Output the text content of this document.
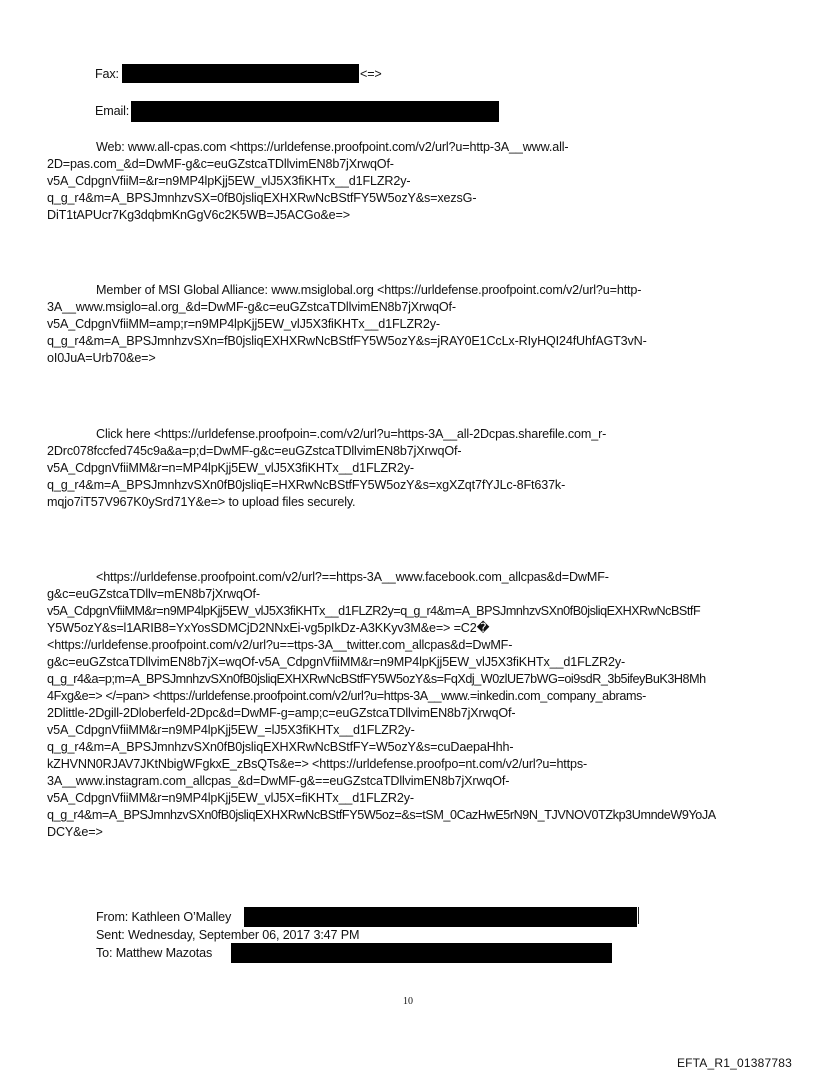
Fax:	<=>
Email:
Web: www.all-cpas.com <https://urldefense.proofpoint.com/v2/url?u=http-3A__www.all-
2D=pas.com_&d=DwMF-g&c=euGZstcaTDllvimEN8b7jXrwqOf-
v5A_CdpgnVfiiM=&r=n9MP4lpKjj5EW_vlJ5X3fiKHTx__d1FLZR2y-
q_g_r4&m=A_BPSJmnhzvSX=0fB0jsliqEXHXRwNcBStfFY5W5ozY&s=xezsG-
DiT1tAPUcr7Kg3dqbmKnGgV6c2K5WB=J5ACGo&e=>
Member of MSI Global Alliance: www.msiglobal.org <https://urldefense.proofpoint.com/v2/url?u=http-
3A__www.msiglo=al.org_&d=DwMF-g&c=euGZstcaTDllvimEN8b7jXrwqOf-
v5A_CdpgnVfiiMM=amp;r=n9MP4lpKjj5EW_vlJ5X3fiKHTx__d1FLZR2y-
q_g_r4&m=A_BPSJmnhzvSXn=fB0jsliqEXHXRwNcBStfFY5W5ozY&s=jRAY0E1CcLx-RIyHQI24fUhfAGT3vN-
oI0JuA=Urb70&e=>
Click here <https://urldefense.proofpoin=.com/v2/url?u=https-3A__all-2Dcpas.sharefile.com_r-
2Drc078fccfed745c9a&a=p;d=DwMF-g&c=euGZstcaTDllvimEN8b7jXrwqOf-
v5A_CdpgnVfiiMM&r=n=MP4lpKjj5EW_vlJ5X3fiKHTx__d1FLZR2y-
q_g_r4&m=A_BPSJmnhzvSXn0fB0jsliqE=HXRwNcBStfFY5W5ozY&s=xgXZqt7fYJLc-8Ft637k-
mqjo7iT57V967K0ySrd71Y&e=> to upload files securely.
<https://urldefense.proofpoint.com/v2/url?==https-3A__www.facebook.com_allcpas&d=DwMF-
g&c=euGZstcaTDllv=mEN8b7jXrwqOf-
v5A_CdpgnVfiiMM&r=n9MP4lpKjj5EW_vlJ5X3fiKHTx__d1FLZR2y=q_g_r4&m=A_BPSJmnhzvSXn0fB0jsliqEXHXRwNcBStfF
Y5W5ozY&s=l1ARIB8=YxYosSDMCjD2NNxEi-vg5pIkDz-A3KKyv3M&e=> =C2�
<https://urldefense.proofpoint.com/v2/url?u==ttps-3A__twitter.com_allcpas&d=DwMF-
g&c=euGZstcaTDllvimEN8b7jX=wqOf-v5A_CdpgnVfiiMM&r=n9MP4lpKjj5EW_vlJ5X3fiKHTx__d1FLZR2y-
q_g_r4&a=p;m=A_BPSJmnhzvSXn0fB0jsliqEXHXRwNcBStfFY5W5ozY&s=FqXdj_W0zlUE7bWG=oi9sdR_3b5ifeyBuK3H8Mh
4Fxg&e=> </=pan> <https://urldefense.proofpoint.com/v2/url?u=https-3A__www.=inkedin.com_company_abrams-
2Dlittle-2Dgill-2Dloberfeld-2Dpc&d=DwMF-g=amp;c=euGZstcaTDllvimEN8b7jXrwqOf-
v5A_CdpgnVfiiMM&r=n9MP4lpKjj5EW_=lJ5X3fiKHTx__d1FLZR2y-
q_g_r4&m=A_BPSJmnhzvSXn0fB0jsliqEXHXRwNcBStfFY=W5ozY&s=cuDaepaHhh-
kZHVNN0RJAV7JKtNbigWFgkxE_zBsQTs&e=> <https://urldefense.proofpo=nt.com/v2/url?u=https-
3A__www.instagram.com_allcpas_&d=DwMF-g&==euGZstcaTDllvimEN8b7jXrwqOf-
v5A_CdpgnVfiiMM&r=n9MP4lpKjj5EW_vlJ5X=fiKHTx__d1FLZR2y-
q_g_r4&m=A_BPSJmnhzvSXn0fB0jsliqEXHXRwNcBStfFY5W5oz=&s=tSM_0CazHwE5rN9N_TJVNOV0TZkp3UmndeW9YoJA
DCY&e=>
From: Kathleen O’Malley
Sent: Wednesday, September 06, 2017 3:47 PM
To: Matthew Mazotas
10
EFTA_R1_01387783
